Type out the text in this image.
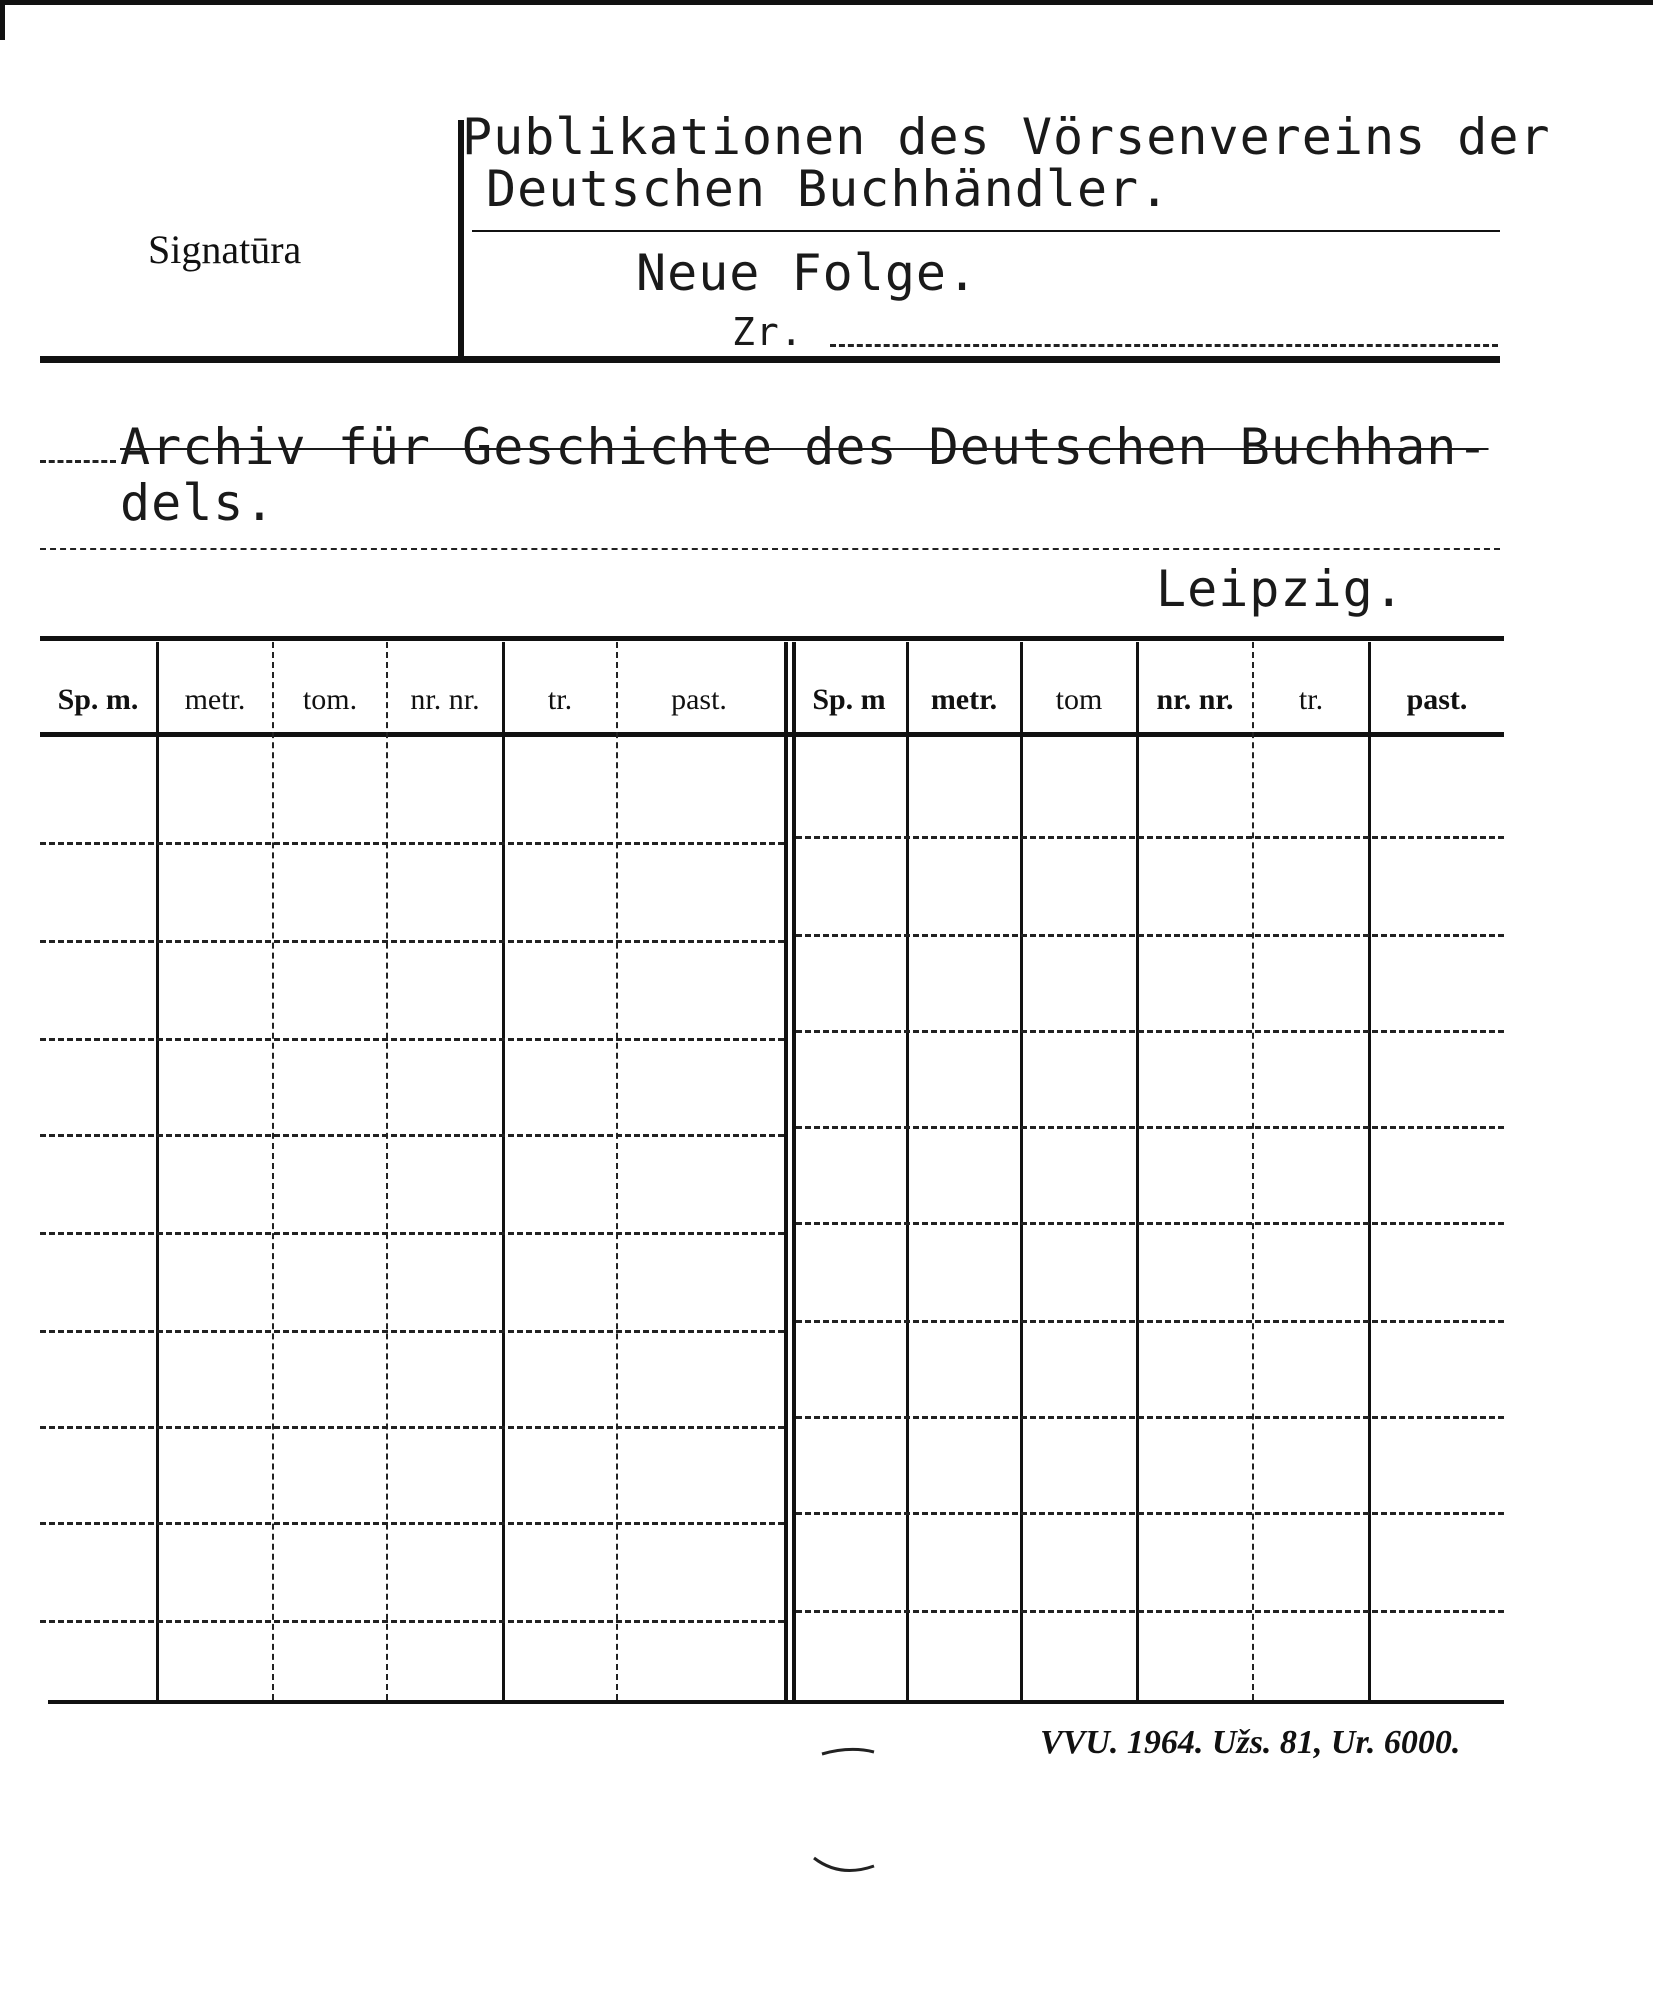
Signatūra
Publikationen des Vörsenvereins der
Deutschen Buchhändler.
Neue Folge.
Zr.
Archiv für Geschichte des Deutschen Buchhan-
dels.
Leipzig.
Sp. m.	metr.	tom.	nr. nr.	tr.	past.	Sp. m	metr.	tom	nr. nr.	tr.	past.
VVU. 1964. Užs. 81, Ur. 6000.
